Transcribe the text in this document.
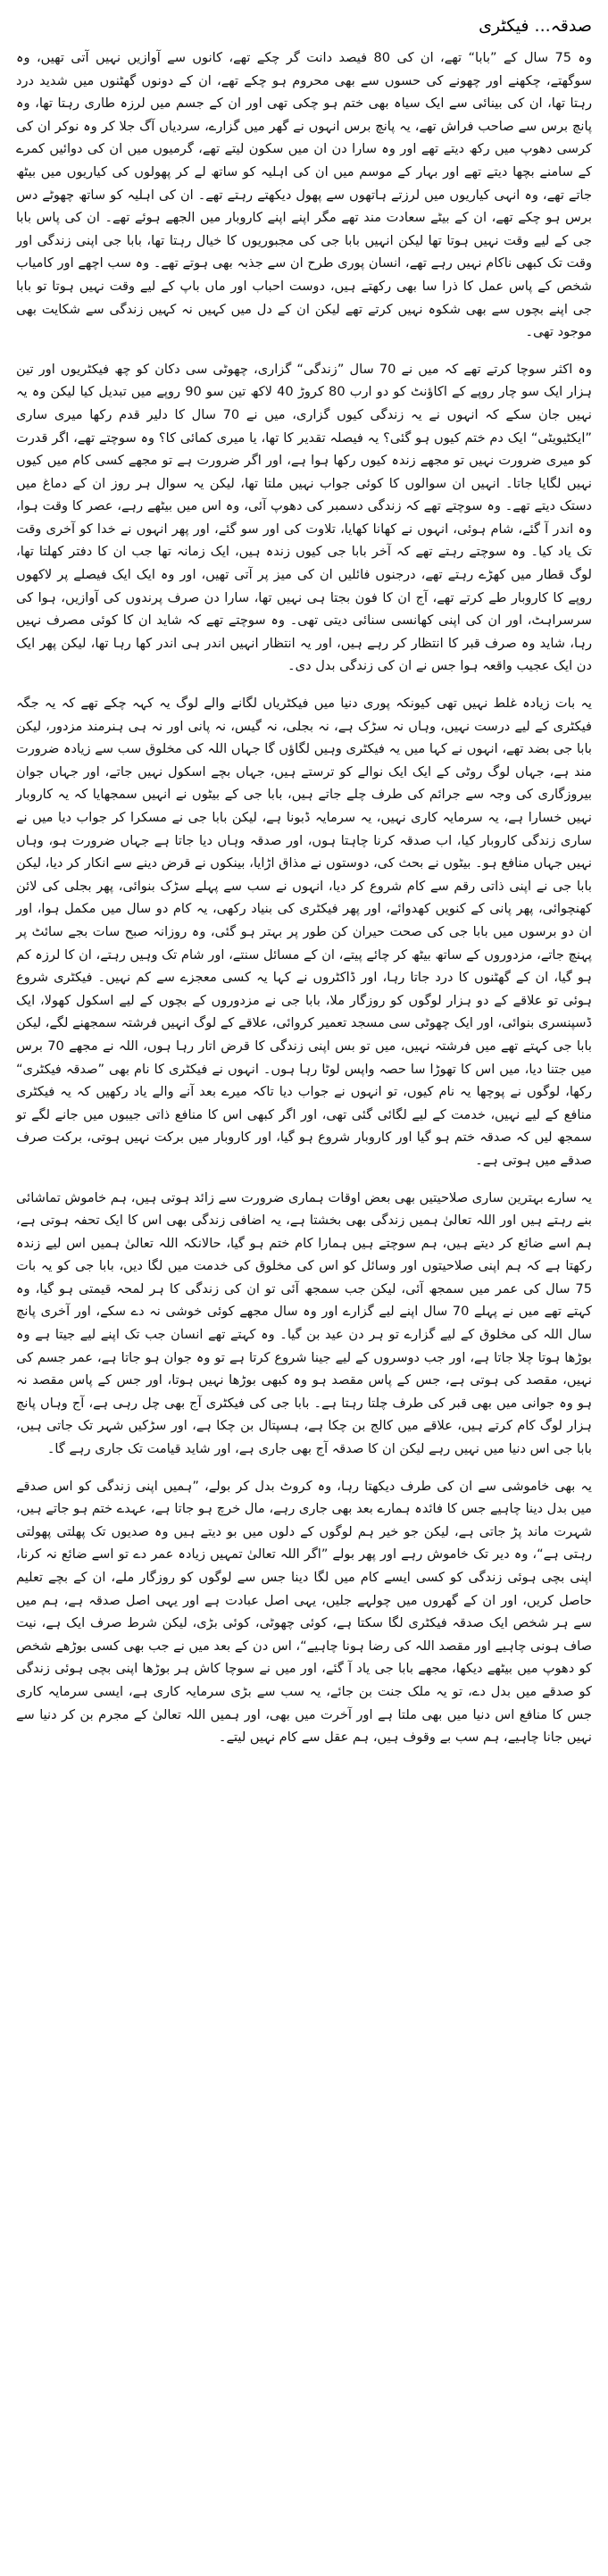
صدقہ... فیکٹری

وہ 75 سال کے ”بابا“ تھے، ان کی 80 فیصد دانت گر چکے تھے، کانوں سے آوازیں نہیں آتی تھیں، وہ سوگھتے، چکھنے اور چھونے کی حسوں سے بھی محروم ہو چکے تھے، ان کے دونوں گھٹنوں میں شدید درد رہتا تھا، ان کی بینائی سے ایک سیاہ بھی ختم ہو چکی تھی اور ان کے جسم میں لرزہ طاری رہتا تھا، وہ پانچ برس سے صاحب فراش تھے، یہ پانچ برس انہوں نے گھر میں گزارے، سردیاں آگ جلا کر وہ نوکر ان کی کرسی دھوپ میں رکھ دیتے تھے اور وہ سارا دن ان میں سکون لیتے تھے، گرمیوں میں ان کی دوائیں کمرے کے سامنے بچھا دیتے تھے اور بہار کے موسم میں ان کی اہلیہ کو ساتھ لے کر پھولوں کی کیاریوں میں بیٹھ جاتے تھے، وہ انہی کیاریوں میں لرزتے ہاتھوں سے پھول دیکھتے رہتے تھے۔ ان کی اہلیہ کو ساتھ چھوٹے دس برس ہو چکے تھے، ان کے بیٹے سعادت مند تھے مگر اپنے اپنے کاروبار میں الجھے ہوئے تھے۔ ان کی پاس بابا جی کے لیے وقت نہیں ہوتا تھا لیکن انہیں بابا جی کی مجبوریوں کا خیال رہتا تھا، بابا جی اپنی زندگی اور وقت تک کبھی ناکام نہیں رہے تھے، انسان پوری طرح ان سے جذبہ بھی ہوتے تھے۔ وہ سب اچھے اور کامیاب شخص کے پاس عمل کا ذرا سا بھی رکھتے ہیں، دوست احباب اور ماں باپ کے لیے وقت نہیں ہوتا تو بابا جی اپنے بچوں سے بھی شکوہ نہیں کرتے تھے لیکن ان کے دل میں کہیں نہ کہیں زندگی سے شکایت بھی موجود تھی۔

وہ اکثر سوچا کرتے تھے کہ میں نے 70 سال ”زندگی“ گزاری، چھوٹی سی دکان کو چھ فیکٹریوں اور تین ہزار ایک سو چار روپے کے اکاؤنٹ کو دو ارب 80 کروڑ 40 لاکھ تین سو 90 روپے میں تبدیل کیا لیکن وہ یہ نہیں جان سکے کہ انہوں نے یہ زندگی کیوں گزاری، میں نے 70 سال کا دلیر قدم رکھا میری ساری ”ایکٹیویٹی“ ایک دم ختم کیوں ہو گئی؟ یہ فیصلہ تقدیر کا تھا، یا میری کمائی کا؟ وہ سوچتے تھے، اگر قدرت کو میری ضرورت نہیں تو مجھے زندہ کیوں رکھا ہوا ہے، اور اگر ضرورت ہے تو مجھے کسی کام میں کیوں نہیں لگایا جاتا۔ انہیں ان سوالوں کا کوئی جواب نہیں ملتا تھا، لیکن یہ سوال ہر روز ان کے دماغ میں دستک دیتے تھے۔ وہ سوچتے تھے کہ زندگی دسمبر کی دھوپ آئی، وہ اس میں بیٹھے رہے، عصر کا وقت ہوا، وہ اندر آ گئے، شام ہوئی، انہوں نے کھانا کھایا، تلاوت کی اور سو گئے، اور پھر انہوں نے خدا کو آخری وقت تک یاد کیا۔ وہ سوچتے رہتے تھے کہ آخر بابا جی کیوں زندہ ہیں، ایک زمانہ تھا جب ان کا دفتر کھلتا تھا، لوگ قطار میں کھڑے رہتے تھے، درجنوں فائلیں ان کی میز پر آتی تھیں، اور وہ ایک ایک فیصلے پر لاکھوں روپے کا کاروبار طے کرتے تھے، آج ان کا فون بجتا ہی نہیں تھا، سارا دن صرف پرندوں کی آوازیں، ہوا کی سرسراہٹ، اور ان کی اپنی کھانسی سنائی دیتی تھی۔ وہ سوچتے تھے کہ شاید ان کا کوئی مصرف نہیں رہا، شاید وہ صرف قبر کا انتظار کر رہے ہیں، اور یہ انتظار انہیں اندر ہی اندر کھا رہا تھا، لیکن پھر ایک دن ایک عجیب واقعہ ہوا جس نے ان کی زندگی بدل دی۔

یہ بات زیادہ غلط نہیں تھی کیونکہ پوری دنیا میں فیکٹریاں لگانے والے لوگ یہ کہہ چکے تھے کہ یہ جگہ فیکٹری کے لیے درست نہیں، وہاں نہ سڑک ہے، نہ بجلی، نہ گیس، نہ پانی اور نہ ہی ہنرمند مزدور، لیکن بابا جی بضد تھے، انہوں نے کہا میں یہ فیکٹری وہیں لگاؤں گا جہاں اللہ کی مخلوق سب سے زیادہ ضرورت مند ہے، جہاں لوگ روٹی کے ایک ایک نوالے کو ترستے ہیں، جہاں بچے اسکول نہیں جاتے، اور جہاں جوان بیروزگاری کی وجہ سے جرائم کی طرف چلے جاتے ہیں، بابا جی کے بیٹوں نے انہیں سمجھایا کہ یہ کاروبار نہیں خسارا ہے، یہ سرمایہ کاری نہیں، یہ سرمایہ ڈبونا ہے، لیکن بابا جی نے مسکرا کر جواب دیا میں نے ساری زندگی کاروبار کیا، اب صدقہ کرنا چاہتا ہوں، اور صدقہ وہاں دیا جاتا ہے جہاں ضرورت ہو، وہاں نہیں جہاں منافع ہو۔ بیٹوں نے بحث کی، دوستوں نے مذاق اڑایا، بینکوں نے قرض دینے سے انکار کر دیا، لیکن بابا جی نے اپنی ذاتی رقم سے کام شروع کر دیا، انہوں نے سب سے پہلے سڑک بنوائی، پھر بجلی کی لائن کھنچوائی، پھر پانی کے کنویں کھدوائے، اور پھر فیکٹری کی بنیاد رکھی، یہ کام دو سال میں مکمل ہوا، اور ان دو برسوں میں بابا جی کی صحت حیران کن طور پر بہتر ہو گئی، وہ روزانہ صبح سات بجے سائٹ پر پہنچ جاتے، مزدوروں کے ساتھ بیٹھ کر چائے پیتے، ان کے مسائل سنتے، اور شام تک وہیں رہتے، ان کا لرزہ کم ہو گیا، ان کے گھٹنوں کا درد جاتا رہا، اور ڈاکٹروں نے کہا یہ کسی معجزے سے کم نہیں۔ فیکٹری شروع ہوئی تو علاقے کے دو ہزار لوگوں کو روزگار ملا، بابا جی نے مزدوروں کے بچوں کے لیے اسکول کھولا، ایک ڈسپنسری بنوائی، اور ایک چھوٹی سی مسجد تعمیر کروائی، علاقے کے لوگ انہیں فرشتہ سمجھنے لگے، لیکن بابا جی کہتے تھے میں فرشتہ نہیں، میں تو بس اپنی زندگی کا قرض اتار رہا ہوں، اللہ نے مجھے 70 برس میں جتنا دیا، میں اس کا تھوڑا سا حصہ واپس لوٹا رہا ہوں۔ انہوں نے فیکٹری کا نام بھی ”صدقہ فیکٹری“ رکھا، لوگوں نے پوچھا یہ نام کیوں، تو انہوں نے جواب دیا تاکہ میرے بعد آنے والے یاد رکھیں کہ یہ فیکٹری منافع کے لیے نہیں، خدمت کے لیے لگائی گئی تھی، اور اگر کبھی اس کا منافع ذاتی جیبوں میں جانے لگے تو سمجھ لیں کہ صدقہ ختم ہو گیا اور کاروبار شروع ہو گیا، اور کاروبار میں برکت نہیں ہوتی، برکت صرف صدقے میں ہوتی ہے۔

یہ سارے بہترین ساری صلاحیتیں بھی بعض اوقات ہماری ضرورت سے زائد ہوتی ہیں، ہم خاموش تماشائی بنے رہتے ہیں اور اللہ تعالیٰ ہمیں زندگی بھی بخشتا ہے، یہ اضافی زندگی بھی اس کا ایک تحفہ ہوتی ہے، ہم اسے ضائع کر دیتے ہیں، ہم سوچتے ہیں ہمارا کام ختم ہو گیا، حالانکہ اللہ تعالیٰ ہمیں اس لیے زندہ رکھتا ہے کہ ہم اپنی صلاحیتوں اور وسائل کو اس کی مخلوق کی خدمت میں لگا دیں، بابا جی کو یہ بات 75 سال کی عمر میں سمجھ آئی، لیکن جب سمجھ آئی تو ان کی زندگی کا ہر لمحہ قیمتی ہو گیا، وہ کہتے تھے میں نے پہلے 70 سال اپنے لیے گزارے اور وہ سال مجھے کوئی خوشی نہ دے سکے، اور آخری پانچ سال اللہ کی مخلوق کے لیے گزارے تو ہر دن عید بن گیا۔ وہ کہتے تھے انسان جب تک اپنے لیے جیتا ہے وہ بوڑھا ہوتا چلا جاتا ہے، اور جب دوسروں کے لیے جینا شروع کرتا ہے تو وہ جوان ہو جاتا ہے، عمر جسم کی نہیں، مقصد کی ہوتی ہے، جس کے پاس مقصد ہو وہ کبھی بوڑھا نہیں ہوتا، اور جس کے پاس مقصد نہ ہو وہ جوانی میں بھی قبر کی طرف چلتا رہتا ہے۔ بابا جی کی فیکٹری آج بھی چل رہی ہے، آج وہاں پانچ ہزار لوگ کام کرتے ہیں، علاقے میں کالج بن چکا ہے، ہسپتال بن چکا ہے، اور سڑکیں شہر تک جاتی ہیں، بابا جی اس دنیا میں نہیں رہے لیکن ان کا صدقہ آج بھی جاری ہے، اور شاید قیامت تک جاری رہے گا۔

یہ بھی خاموشی سے ان کی طرف دیکھتا رہا، وہ کروٹ بدل کر بولے، ”ہمیں اپنی زندگی کو اس صدقے میں بدل دینا چاہیے جس کا فائدہ ہمارے بعد بھی جاری رہے، مال خرچ ہو جاتا ہے، عہدے ختم ہو جاتے ہیں، شہرت ماند پڑ جاتی ہے، لیکن جو خیر ہم لوگوں کے دلوں میں بو دیتے ہیں وہ صدیوں تک پھلتی پھولتی رہتی ہے“، وہ دیر تک خاموش رہے اور پھر بولے ”اگر اللہ تعالیٰ تمہیں زیادہ عمر دے تو اسے ضائع نہ کرنا، اپنی بچی ہوئی زندگی کو کسی ایسے کام میں لگا دینا جس سے لوگوں کو روزگار ملے، ان کے بچے تعلیم حاصل کریں، اور ان کے گھروں میں چولہے جلیں، یہی اصل عبادت ہے اور یہی اصل صدقہ ہے، ہم میں سے ہر شخص ایک صدقہ فیکٹری لگا سکتا ہے، کوئی چھوٹی، کوئی بڑی، لیکن شرط صرف ایک ہے، نیت صاف ہونی چاہیے اور مقصد اللہ کی رضا ہونا چاہیے“، اس دن کے بعد میں نے جب بھی کسی بوڑھے شخص کو دھوپ میں بیٹھے دیکھا، مجھے بابا جی یاد آ گئے، اور میں نے سوچا کاش ہر بوڑھا اپنی بچی ہوئی زندگی کو صدقے میں بدل دے، تو یہ ملک جنت بن جائے، یہ سب سے بڑی سرمایہ کاری ہے، ایسی سرمایہ کاری جس کا منافع اس دنیا میں بھی ملتا ہے اور آخرت میں بھی، اور ہمیں اللہ تعالیٰ کے مجرم بن کر دنیا سے نہیں جانا چاہیے، ہم سب بے وقوف ہیں، ہم عقل سے کام نہیں لیتے۔
